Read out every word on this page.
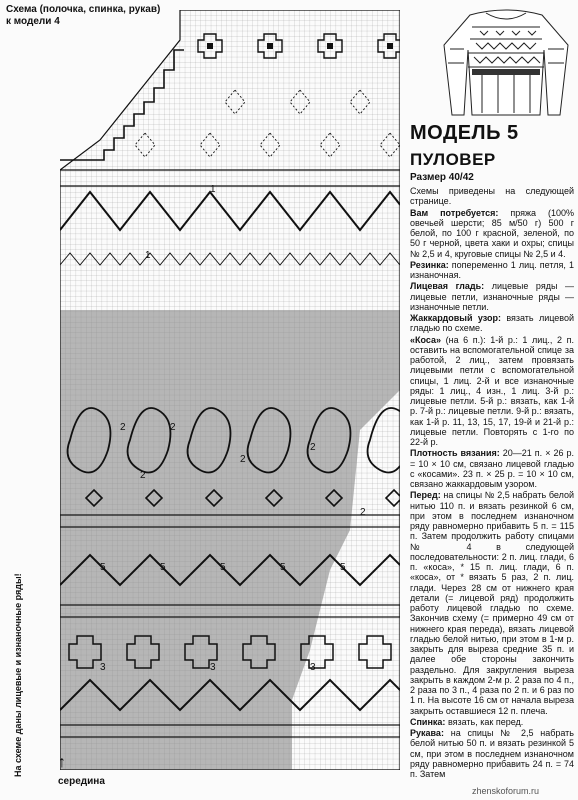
Схема (полочка, спинка, рукав)
к модели 4
1
1
2	2
2
2
2
5	5	5	5	5
2
3	3	3
На схеме даны лицевые и изнаночные ряды! ↑
середина
МОДЕЛЬ 5
ПУЛОВЕР
Размер 40/42

Схемы приведены на следующей странице.

Вам потребуется: пряжа (100% овечьей шерсти; 85 м/50 г) 500 г белой, по 100 г красной, зеленой, по 50 г черной, цвета хаки и охры; спицы № 2,5 и 4, круговые спицы № 2,5 и 4.

Резинка: попеременно 1 лиц. петля, 1 изнаночная.

Лицевая гладь: лицевые ряды — лицевые петли, изнаночные ряды — изнаночные петли.

Жаккардовый узор: вязать лицевой гладью по схеме.

«Коса» (на 6 п.): 1-й р.: 1 лиц., 2 п. оставить на вспомогательной спице за работой, 2 лиц., затем провязать лицевыми петли с вспомогательной спицы, 1 лиц. 2-й и все изнаночные ряды: 1 лиц., 4 изн., 1 лиц. 3-й р.: лицевые петли. 5-й р.: вязать, как 1-й р. 7-й р.: лицевые петли. 9-й р.: вязать, как 1-й р. 11, 13, 15, 17, 19-й и 21-й р.: лицевые петли. Повторять с 1-го по 22-й р.

Плотность вязания: 20—21 п. × 26 р. = 10 × 10 см, связано лицевой гладью с «косами». 23 п. × 25 р. = 10 × 10 см, связано жаккардовым узором.

Перед: на спицы № 2,5 набрать белой нитью 110 п. и вязать резинкой 6 см, при этом в последнем изнаночном ряду равномерно прибавить 5 п. = 115 п. Затем продолжить работу спицами № 4 в следующей последовательности: 2 п. лиц. глади, 6 п. «коса», * 15 п. лиц. глади, 6 п. «коса», от * вязать 5 раз, 2 п. лиц. глади. Через 28 см от нижнего края детали (= лицевой ряд) продолжить работу лицевой гладью по схеме. Закончив схему (= примерно 49 см от нижнего края переда), вязать лицевой гладью белой нитью, при этом в 1-м р. закрыть для выреза средние 35 п. и далее обе стороны закончить раздельно. Для закругления выреза закрыть в каждом 2-м р. 2 раза по 4 п., 2 раза по 3 п., 4 раза по 2 п. и 6 раз по 1 п. На высоте 16 см от начала выреза закрыть оставшиеся 12 п. плеча.

Спинка: вязать, как перед.

Рукава: на спицы № 2,5 набрать белой нитью 50 п. и вязать резинкой 5 см, при этом в последнем изнаночном ряду равномерно прибавить 24 п. = 74 п. Затем

zhenskoforum.ru
